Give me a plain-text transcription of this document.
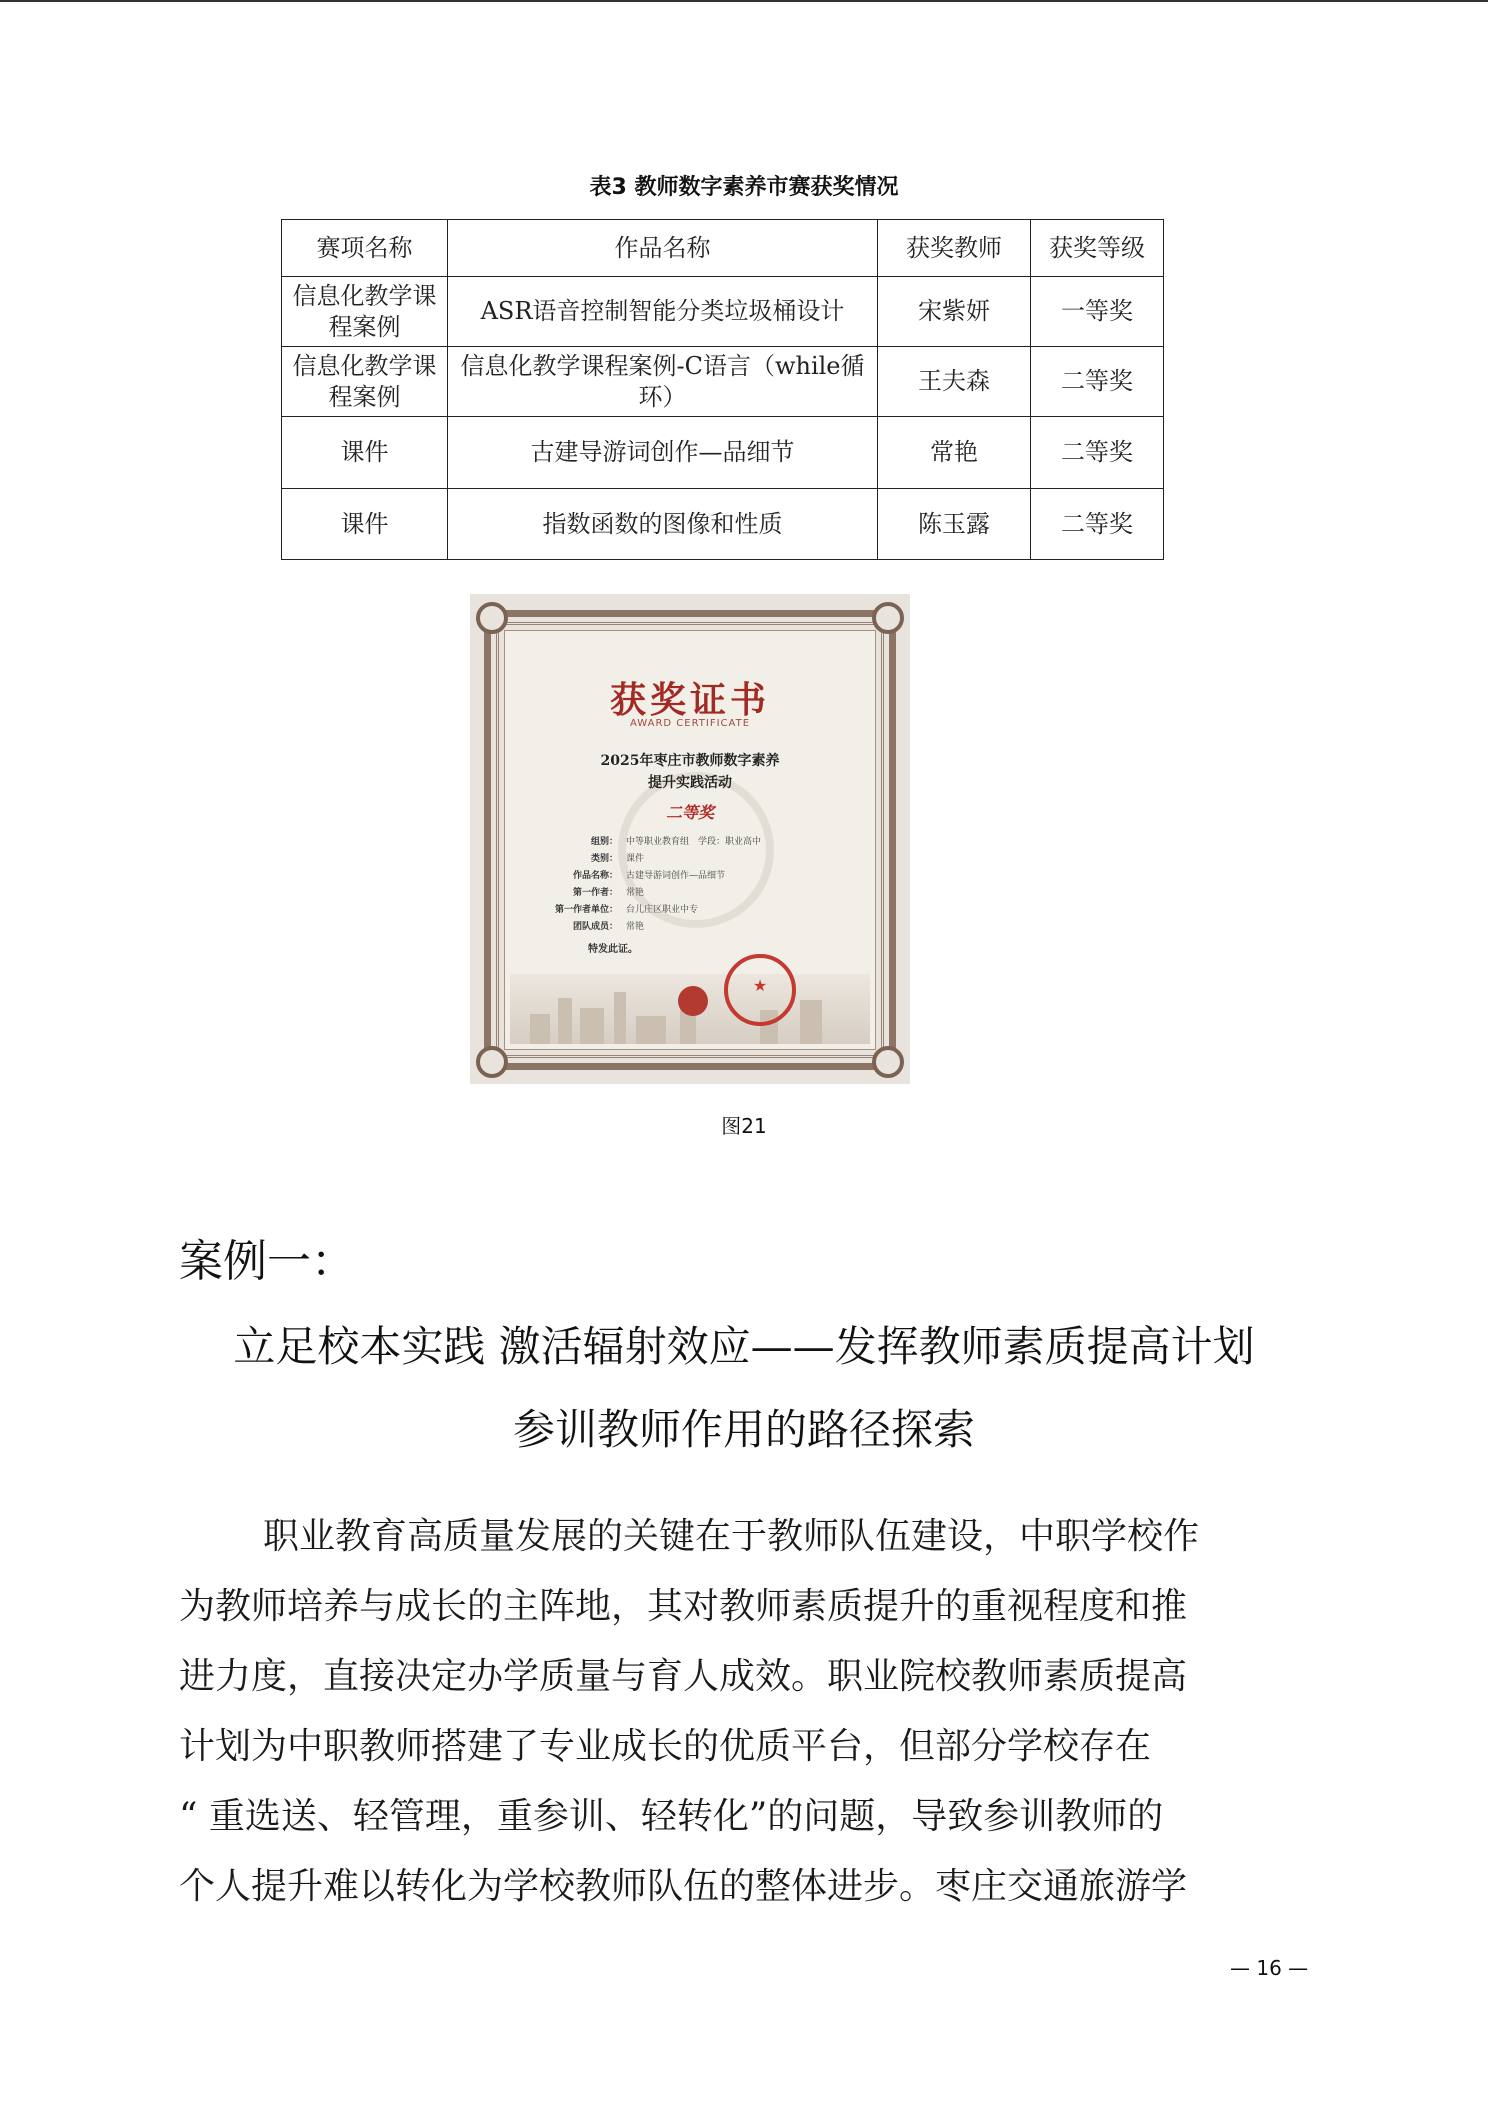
表3 教师数字素养市赛获奖情况
赛项名称	作品名称	获奖教师	获奖等级
信息化教学课程案例	ASR语音控制智能分类垃圾桶设计	宋紫妍	一等奖
信息化教学课程案例	信息化教学课程案例-C语言（while循环）	王夫森	二等奖
课件	古建导游词创作—品细节	常艳	二等奖
课件	指数函数的图像和性质	陈玉露	二等奖
获奖证书
AWARD CERTIFICATE
2025年枣庄市教师数字素养
提升实践活动
二等奖
组别： 中等职业教育组　学段：职业高中
类别： 课件
作品名称： 古建导游词创作—品细节
第一作者： 常艳
第一作者单位： 台儿庄区职业中专
团队成员： 常艳
特发此证。
★
图21
案例一：
立足校本实践 激活辐射效应——发挥教师素质提高计划
参训教师作用的路径探索
职业教育高质量发展的关键在于教师队伍建设，中职学校作
为教师培养与成长的主阵地，其对教师素质提升的重视程度和推
进力度，直接决定办学质量与育人成效。职业院校教师素质提高
计划为中职教师搭建了专业成长的优质平台，但部分学校存在
“ 重选送、轻管理，重参训、轻转化”的问题，导致参训教师的
个人提升难以转化为学校教师队伍的整体进步。枣庄交通旅游学
— 16 —
